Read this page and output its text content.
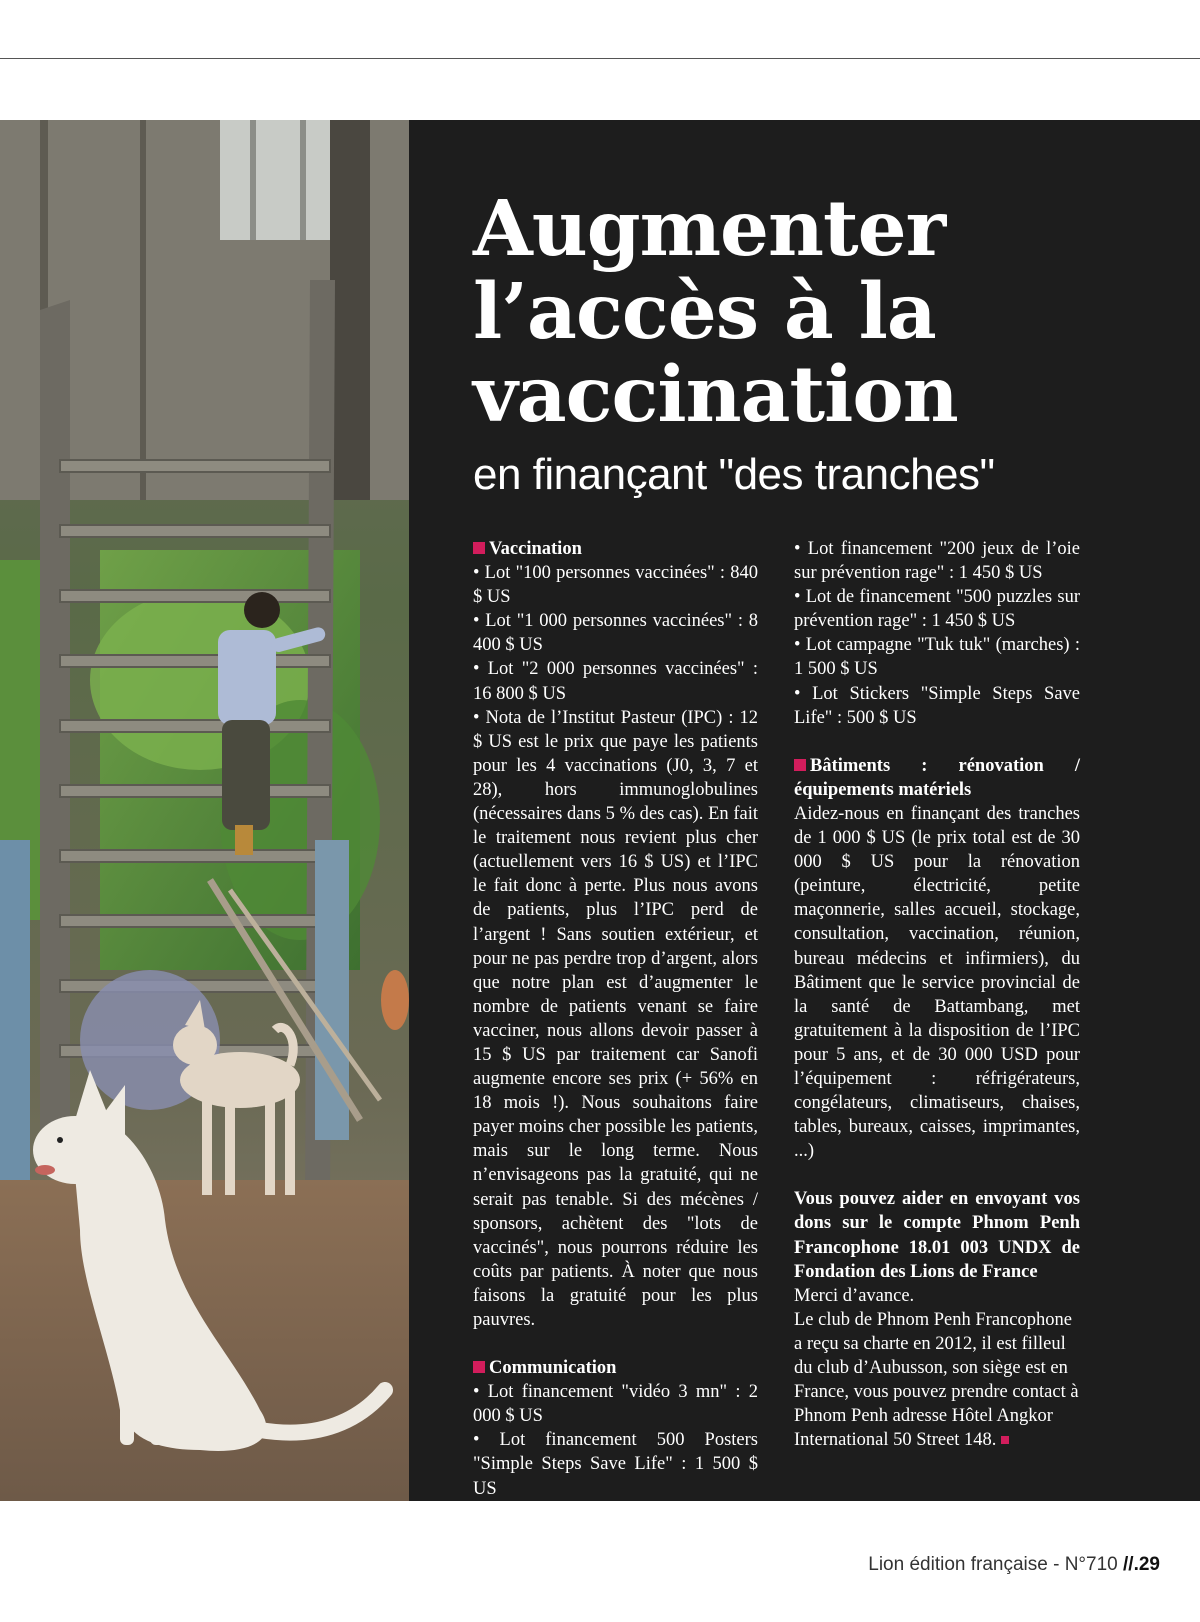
Augmenter
l’accès à la
vaccination
en finançant "des tranches"

Vaccination

• Lot "100 personnes vaccinées" : 840 $ US

• Lot "1 000 personnes vaccinées" : 8 400 $ US

• Lot "2 000 personnes vaccinées" : 16 800 $ US

• Nota de l’Institut Pasteur (IPC) : 12 $ US est le prix que paye les patients pour les 4 vaccinations (J0, 3, 7 et 28), hors immunoglobulines (nécessaires dans 5 % des cas). En fait le traitement nous revient plus cher (actuellement vers 16 $ US) et l’IPC le fait donc à perte. Plus nous avons de patients, plus l’IPC perd de l’argent ! Sans soutien extérieur, et pour ne pas perdre trop d’argent, alors que notre plan est d’augmenter le nombre de patients venant se faire vacciner, nous allons devoir passer à 15 $ US par traitement car Sanofi augmente encore ses prix (+ 56% en 18 mois !). Nous souhaitons faire payer moins cher possible les patients, mais sur le long terme. Nous n’envisageons pas la gratuité, qui ne serait pas tenable. Si des mécènes / sponsors, achètent des "lots de vaccinés", nous pourrons réduire les coûts par patients. À noter que nous faisons la gratuité pour les plus pauvres.

Communication

• Lot financement "vidéo 3 mn" : 2 000 $ US

• Lot financement 500 Posters "Simple Steps Save Life" : 1 500 $ US

• Lot financement "200 jeux de l’oie sur prévention rage" : 1 450 $ US

• Lot de financement "500 puzzles sur prévention rage" : 1 450 $ US

• Lot campagne "Tuk tuk" (marches) : 1 500 $ US

• Lot Stickers "Simple Steps Save Life" : 500 $ US

Bâtiments : rénovation / équipements matériels

Aidez-nous en finançant des tranches de 1 000 $ US (le prix total est de 30 000 $ US pour la rénovation (peinture, électricité, petite maçonnerie, salles accueil, stockage, consultation, vaccination, réunion, bureau médecins et infirmiers), du Bâtiment que le service provincial de la santé de Battambang, met gratuitement à la disposition de l’IPC pour 5 ans, et de 30 000 USD pour l’équipement : réfrigérateurs, congélateurs, climatiseurs, chaises, tables, bureaux, caisses, imprimantes, ...)

Vous pouvez aider en envoyant vos dons sur le compte Phnom Penh Francophone 18.01 003 UNDX de Fondation des Lions de France

Merci d’avance.

Le club de Phnom Penh Francophone a reçu sa charte en 2012, il est filleul du club d’Aubusson, son siège est en France, vous pouvez prendre contact à Phnom Penh adresse Hôtel Angkor International 50 Street 148.

Lion édition française - N°710 //.29
